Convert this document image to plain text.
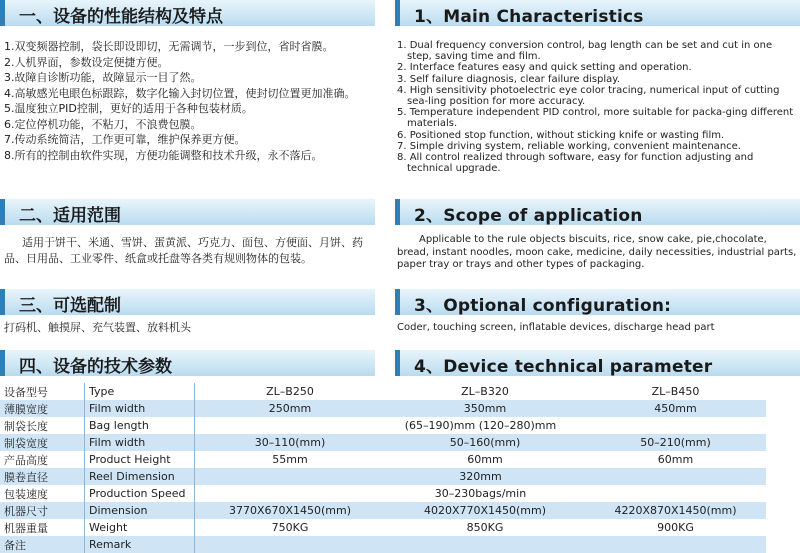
一、设备的性能结构及特点	1、Main Characteristics
1.双变频器控制，袋长即设即切，无需调节，一步到位，省时省膜。
2.人机界面，参数设定便捷方便。
3.故障自诊断功能，故障显示一目了然。
4.高敏感光电眼色标跟踪，数字化输入封切位置，使封切位置更加准确。
5.温度独立PID控制，更好的适用于各种包装材质。
6.定位停机功能，不粘刀，不浪费包膜。
7.传动系统简洁，工作更可靠，维护保养更方便。
8.所有的控制由软件实现，方便功能调整和技术升级，永不落后。
1. Dual frequency conversion control, bag length can be set and cut in one step, saving time and film.
2. Interface features easy and quick setting and operation.
3. Self failure diagnosis, clear failure display.
4. High sensitivity photoelectric eye color tracing, numerical input of cutting sea-ling position for more accuracy.
5. Temperature independent PID control, more suitable for packa-ging different materials.
6. Positioned stop function, without sticking knife or wasting film.
7. Simple driving system, reliable working, convenient maintenance.
8. All control realized through software, easy for function adjusting and technical upgrade.
二、适用范围	2、Scope of application
适用于饼干、米通、雪饼、蛋黄派、巧克力、面包、方便面、月饼、药品、日用品、工业零件、纸盒或托盘等各类有规则物体的包装。
Applicable to the rule objects biscuits, rice, snow cake, pie,chocolate, bread, instant noodles, moon cake, medicine, daily necessities, industrial parts, paper tray or trays and other types of packaging.
三、可选配制	3、Optional configuration:
打码机、触摸屏、充气装置、放料机头	Coder, touching screen, inflatable devices, discharge head part
四、设备的技术参数	4、Device technical parameter
设备型号	Type	ZL–B250	ZL–B320	ZL–B450
薄膜宽度	Film width	250mm	350mm	450mm
制袋长度	Bag length	(65–190)mm (120–280)mm		
制袋宽度	Film width	30–110(mm)	50–160(mm)	50–210(mm)
产品高度	Product Height	55mm	60mm	60mm
膜卷直径	Reel Dimension	320mm		
包装速度	Production Speed	30–230bags/min		
机器尺寸	Dimension	3770X670X1450(mm)	4020X770X1450(mm)	4220X870X1450(mm)
机器重量	Weight	750KG	850KG	900KG
备注	Remark			
